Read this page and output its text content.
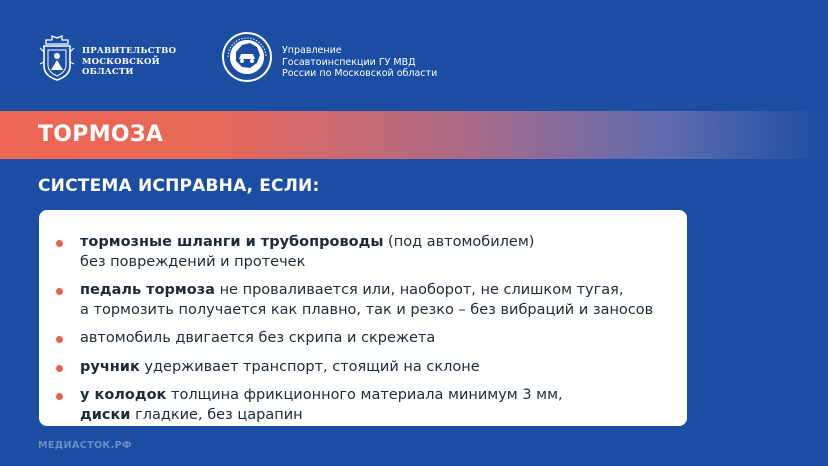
ПРАВИТЕЛЬСТВО
МОСКОВСКОЙ
ОБЛАСТИ
Управление
Госавтоинспекции ГУ МВД
России по Московской области
ТОРМОЗА
СИСТЕМА ИСПРАВНА, ЕСЛИ:
тормозные шланги и трубопроводы (под автомобилем)
без повреждений и протечек
педаль тормоза не проваливается или, наоборот, не слишком тугая,
а тормозить получается как плавно, так и резко – без вибраций и заносов
автомобиль двигается без скрипа и скрежета
ручник удерживает транспорт, стоящий на склоне
у колодок толщина фрикционного материала минимум 3 мм,
диски гладкие, без царапин
МЕДИАСТОК.РФ
